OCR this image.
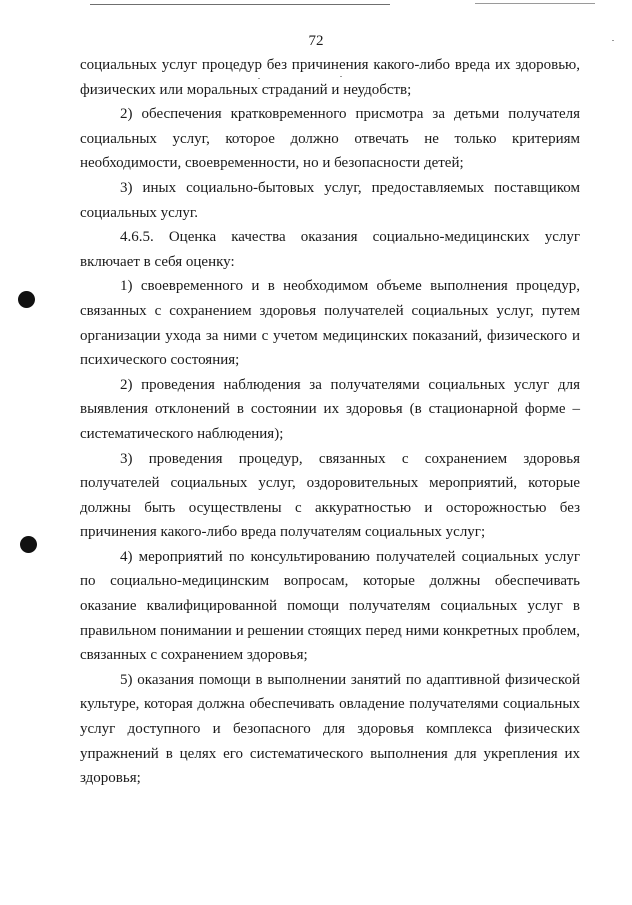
72

социальных услуг процедур без причинения какого-либо вреда их здоровью, физических или моральных страданий и неудобств;

2) обеспечения кратковременного присмотра за детьми получателя социальных услуг, которое должно отвечать не только критериям необходимости, своевременности, но и безопасности детей;

3) иных социально-бытовых услуг, предоставляемых поставщиком социальных услуг.

4.6.5. Оценка качества оказания социально-медицинских услуг включает в себя оценку:

1) своевременного и в необходимом объеме выполнения процедур, связанных с сохранением здоровья получателей социальных услуг, путем организации ухода за ними с учетом медицинских показаний, физического и психического состояния;

2) проведения наблюдения за получателями социальных услуг для выявления отклонений в состоянии их здоровья (в стационарной форме – систематического наблюдения);

3) проведения процедур, связанных с сохранением здоровья получателей социальных услуг, оздоровительных мероприятий, которые должны быть осуществлены с аккуратностью и осторожностью без причинения какого-либо вреда получателям социальных услуг;

4) мероприятий по консультированию получателей социальных услуг по социально-медицинским вопросам, которые должны обеспечивать оказание квалифицированной помощи получателям социальных услуг в правильном понимании и решении стоящих перед ними конкретных проблем, связанных с сохранением здоровья;

5) оказания помощи в выполнении занятий по адаптивной физической культуре, которая должна обеспечивать овладение получателями социальных услуг доступного и безопасного для здоровья комплекса физических упражнений в целях его систематического выполнения для укрепления их здоровья;
